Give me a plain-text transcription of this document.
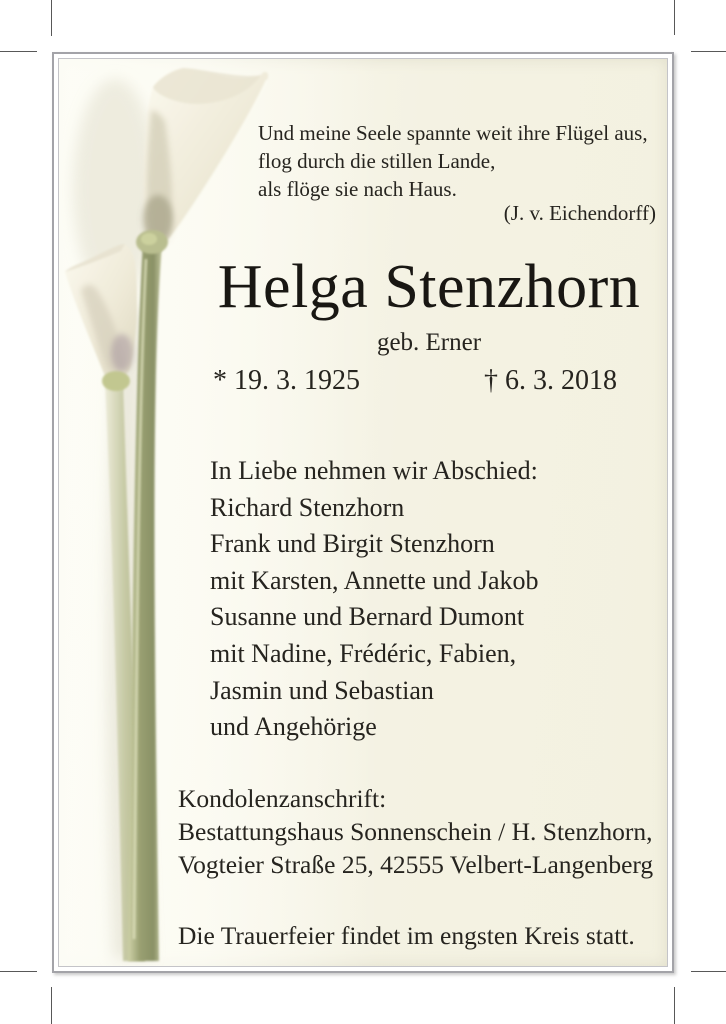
Und meine Seele spannte weit ihre Flügel aus,
flog durch die stillen Lande,
als flöge sie nach Haus.
(J. v. Eichendorff)
Helga Stenzhorn
geb. Erner
* 19. 3. 1925	† 6. 3. 2018
In Liebe nehmen wir Abschied:
Richard Stenzhorn
Frank und Birgit Stenzhorn
mit Karsten, Annette und Jakob
Susanne und Bernard Dumont
mit Nadine, Frédéric, Fabien,
Jasmin und Sebastian
und Angehörige
Kondolenzanschrift:
Bestattungshaus Sonnenschein / H. Stenzhorn,
Vogteier Straße 25, 42555 Velbert-Langenberg
Die Trauerfeier findet im engsten Kreis statt.
